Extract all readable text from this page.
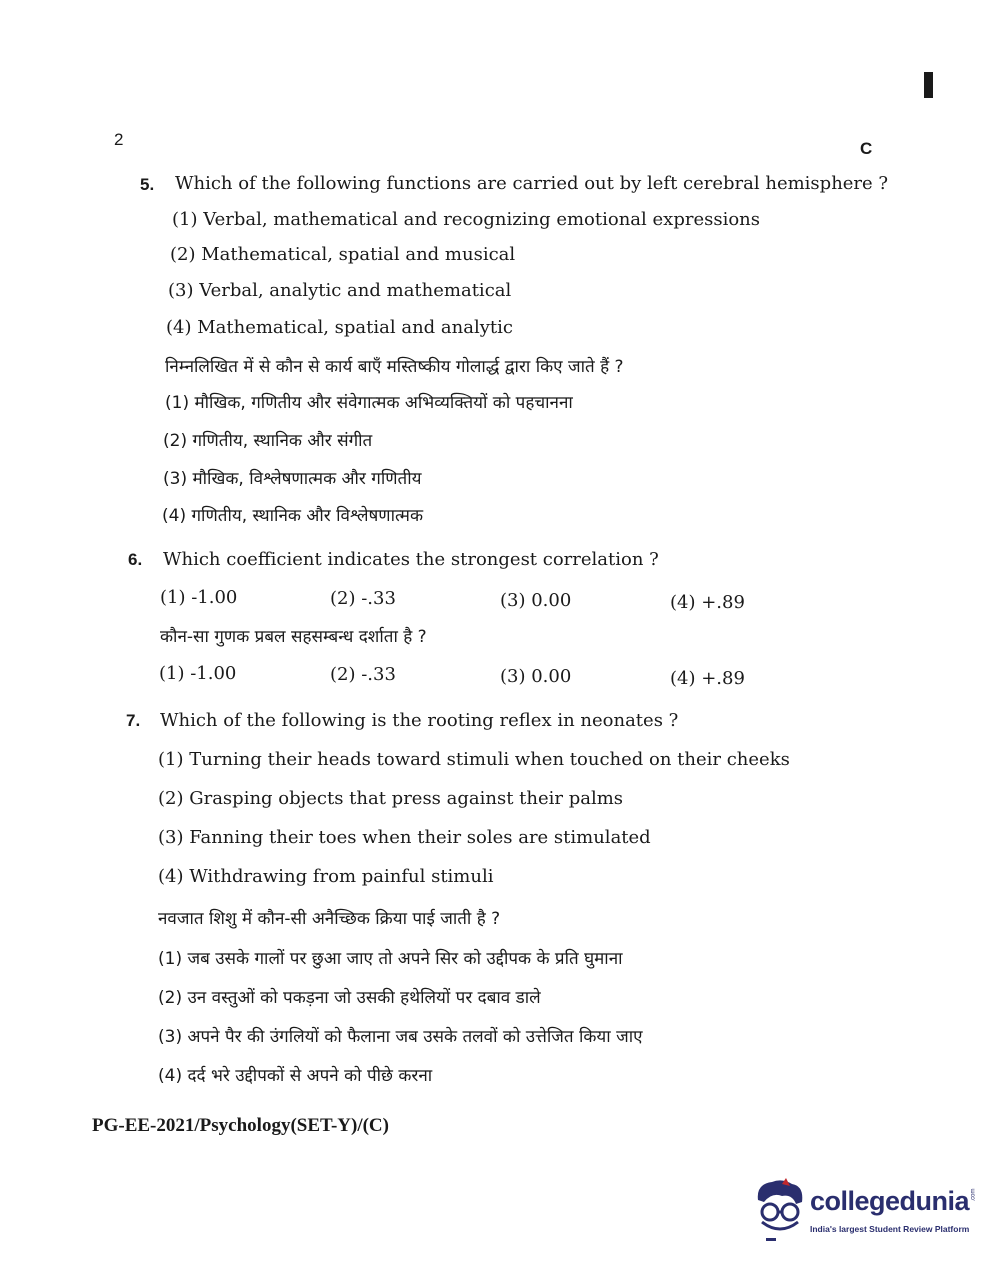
2	C
5. Which of the following functions are carried out by left cerebral hemisphere ?
(1) Verbal, mathematical and recognizing emotional expressions
(2) Mathematical, spatial and musical
(3) Verbal, analytic and mathematical
(4) Mathematical, spatial and analytic
निम्नलिखित में से कौन से कार्य बाएँ मस्तिष्कीय गोलार्द्ध द्वारा किए जाते हैं ?
(1) मौखिक, गणितीय और संवेगात्मक अभिव्यक्तियों को पहचानना
(2) गणितीय, स्थानिक और संगीत
(3) मौखिक, विश्लेषणात्मक और गणितीय
(4) गणितीय, स्थानिक और विश्लेषणात्मक
6. Which coefficient indicates the strongest correlation ?
(1) -1.00	(2) -.33	(3) 0.00	(4) +.89
कौन-सा गुणक प्रबल सहसम्बन्ध दर्शाता है ?
(1) -1.00	(2) -.33	(3) 0.00	(4) +.89
7. Which of the following is the rooting reflex in neonates ?
(1) Turning their heads toward stimuli when touched on their cheeks
(2) Grasping objects that press against their palms
(3) Fanning their toes when their soles are stimulated
(4) Withdrawing from painful stimuli
नवजात शिशु में कौन-सी अनैच्छिक क्रिया पाई जाती है ?
(1) जब उसके गालों पर छुआ जाए तो अपने सिर को उद्दीपक के प्रति घुमाना
(2) उन वस्तुओं को पकड़ना जो उसकी हथेलियों पर दबाव डाले
(3) अपने पैर की उंगलियों को फैलाना जब उसके तलवों को उत्तेजित किया जाए
(4) दर्द भरे उद्दीपकों से अपने को पीछे करना
PG-EE-2021/Psychology(SET-Y)/(C)
collegedunia .com
India's largest Student Review Platform
